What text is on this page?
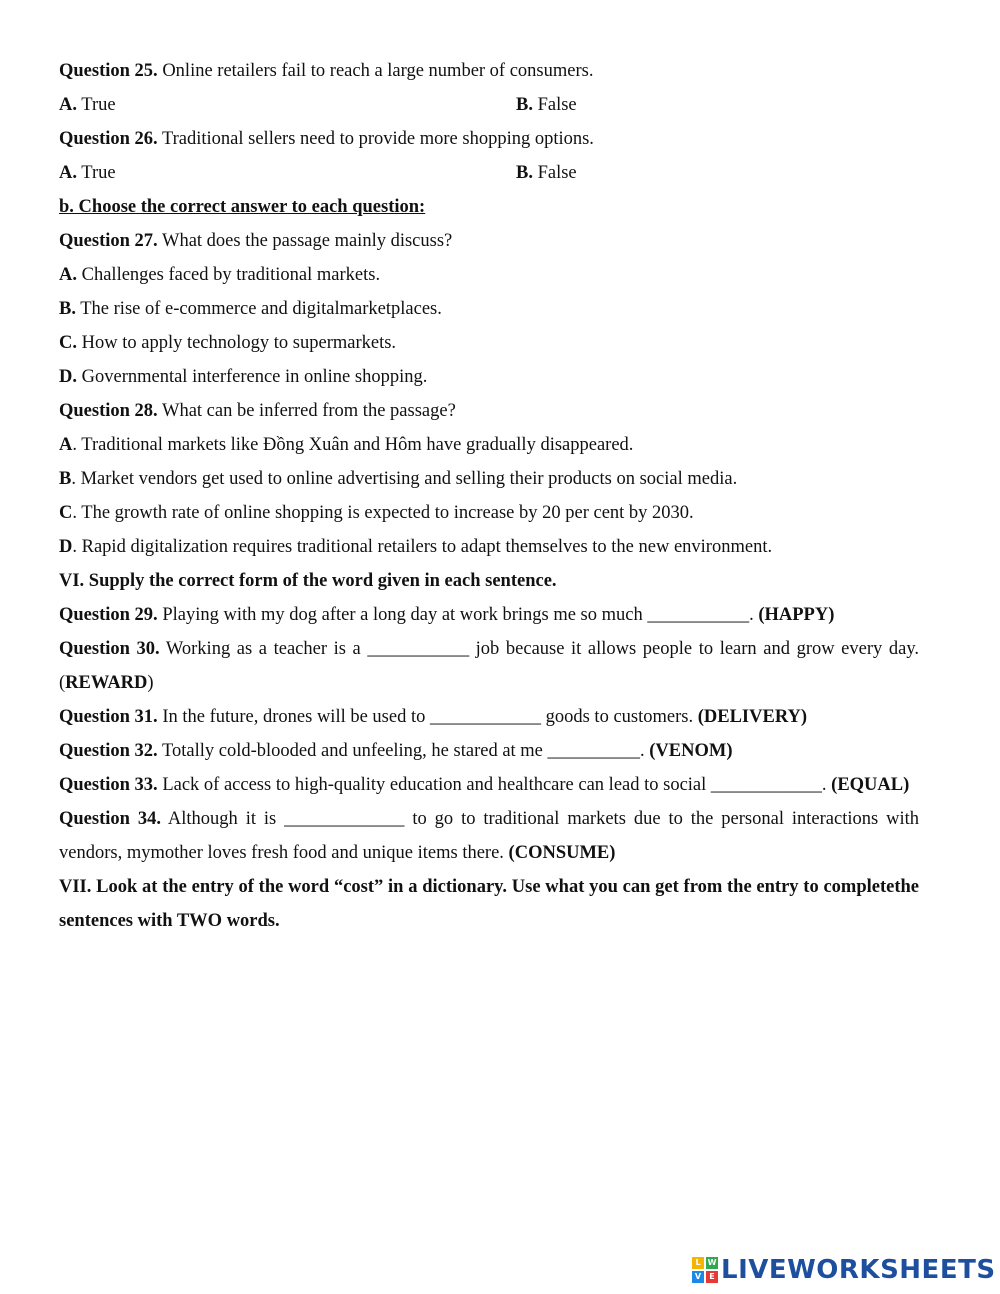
Question 25. Online retailers fail to reach a large number of consumers.
A. True	B. False
Question 26. Traditional sellers need to provide more shopping options.
A. True	B. False
b. Choose the correct answer to each question:
Question 27. What does the passage mainly discuss?
A. Challenges faced by traditional markets.
B. The rise of e-commerce and digitalmarketplaces.
C. How to apply technology to supermarkets.
D. Governmental interference in online shopping.
Question 28. What can be inferred from the passage?
A. Traditional markets like Đồng Xuân and Hôm have gradually disappeared.
B. Market vendors get used to online advertising and selling their products on social media.
C. The growth rate of online shopping is expected to increase by 20 per cent by 2030.
D. Rapid digitalization requires traditional retailers to adapt themselves to the new environment.
VI. Supply the correct form of the word given in each sentence.
Question 29. Playing with my dog after a long day at work brings me so much ___________. (HAPPY)
Question 30. Working as a teacher is a ___________ job because it allows people to learn and grow every day. (REWARD)
Question 31. In the future, drones will be used to ____________ goods to customers. (DELIVERY)
Question 32. Totally cold-blooded and unfeeling, he stared at me __________. (VENOM)
Question 33. Lack of access to high-quality education and healthcare can lead to social ____________. (EQUAL)
Question 34. Although it is _____________ to go to traditional markets due to the personal interactions with vendors, mymother loves fresh food and unique items there. (CONSUME)
VII. Look at the entry of the word “cost” in a dictionary. Use what you can get from the entry to completethe sentences with TWO words.
L W
V	E LIVEWORKSHEETS
